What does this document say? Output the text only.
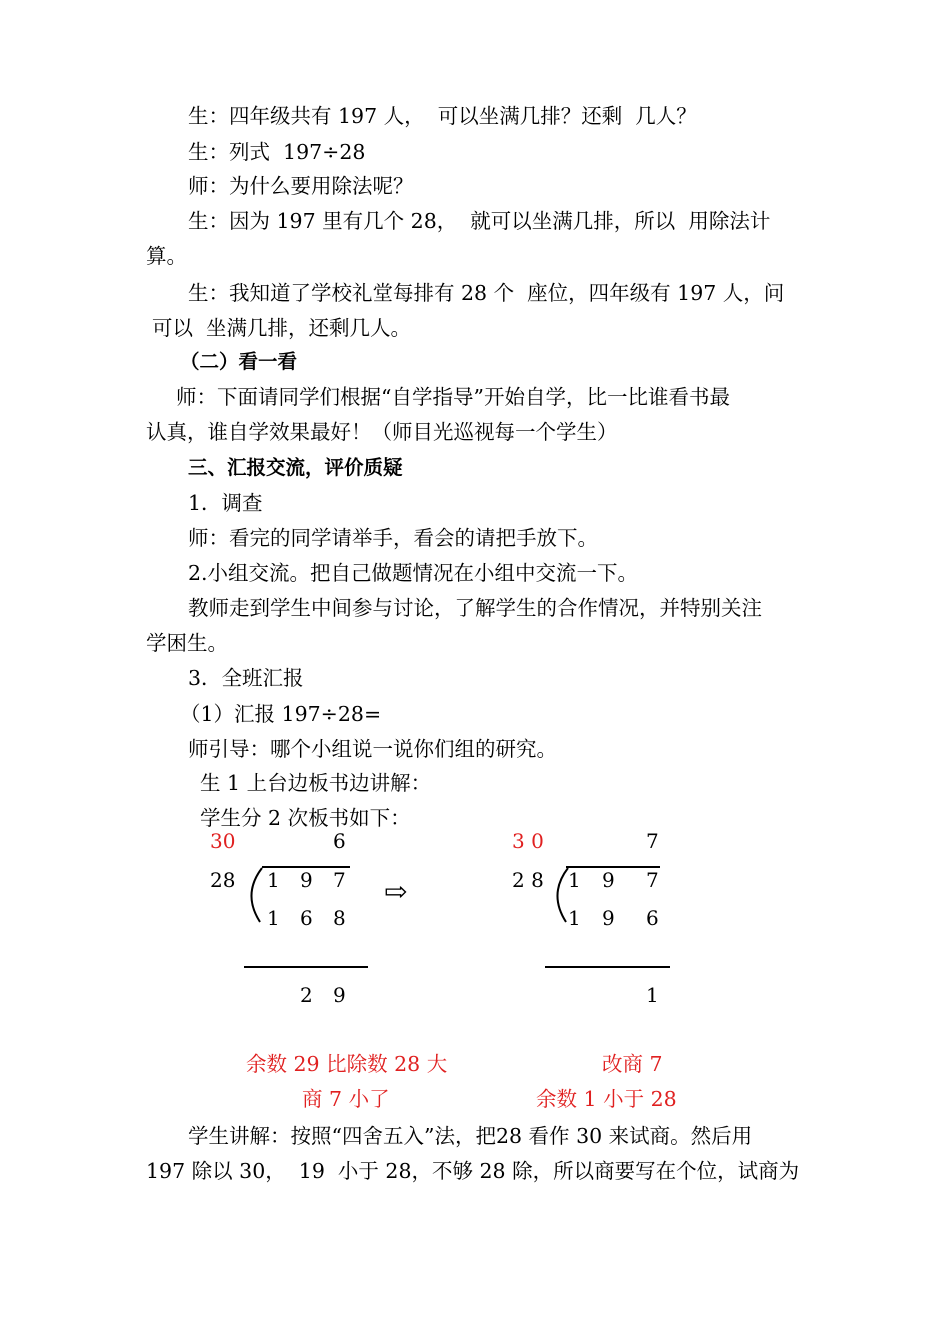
生：四年级共有 197 人，  可以坐满几排？还剩  几人？
生：列式  197÷28
师：为什么要用除法呢？
生：因为 197 里有几个 28，  就可以坐满几排，所以  用除法计
算。
生：我知道了学校礼堂每排有 28 个  座位，四年级有 197 人，问
可以  坐满几排，还剩几人。
（二）看一看
师：下面请同学们根据“自学指导”开始自学，比一比谁看书最
认真，谁自学效果最好！（师目光巡视每一个学生）
三、汇报交流，评价质疑
1．调查
师：看完的同学请举手，看会的请把手放下。
2.小组交流。把自己做题情况在小组中交流一下。
教师走到学生中间参与讨论，了解学生的合作情况，并特别关注
学困生。
3．全班汇报
（1）汇报 197÷28=
师引导：哪个小组说一说你们组的研究。
生 1 上台边板书边讲解：
学生分 2 次板书如下：
30	6
28 1 9 7
1 6 8
2 9
⇨
3 0	7
2 8 1 9 7
1 9 6
1
余数 29 比除数 28 大
商 7 小了
改商 7
余数 1 小于 28
学生讲解：按照“四舍五入”法，把28 看作 30 来试商。然后用
197 除以 30，  19  小于 28，不够 28 除，所以商要写在个位，试商为
